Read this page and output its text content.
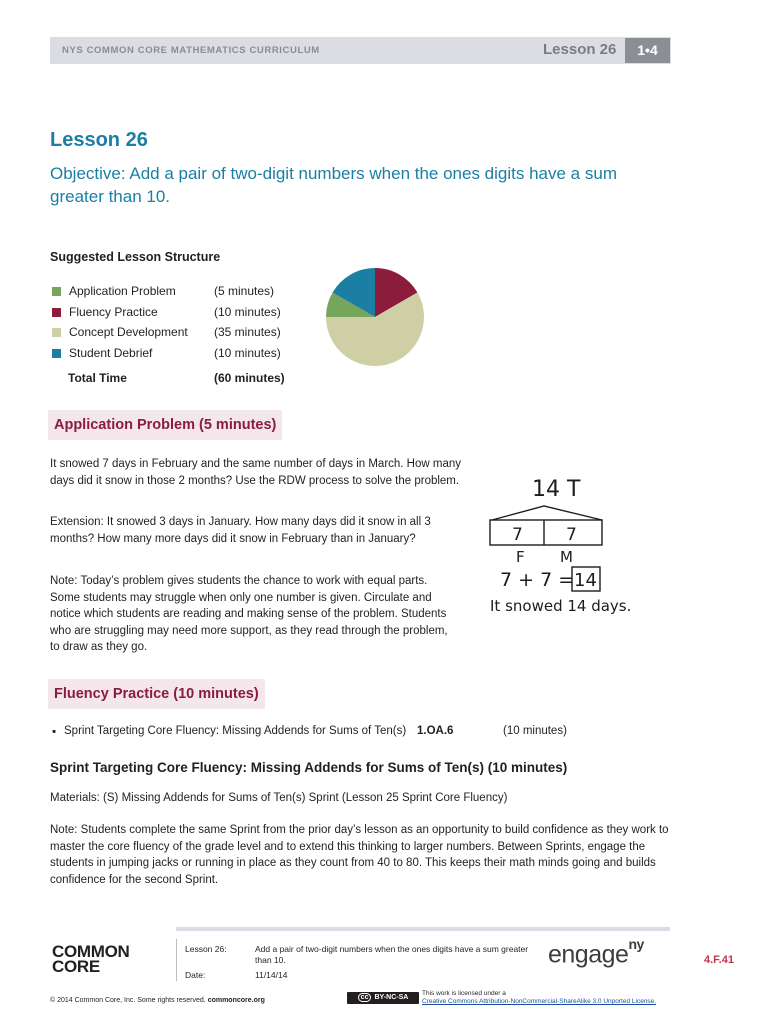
NYS COMMON CORE MATHEMATICS CURRICULUM	Lesson 26	1•4
Lesson 26
Objective: Add a pair of two-digit numbers when the ones digits have a sum greater than 10.
Suggested Lesson Structure
Application Problem	(5 minutes)
Fluency Practice	(10 minutes)
Concept Development (35 minutes)
Student Debrief	(10 minutes)
Total Time	(60 minutes)
Application Problem (5 minutes)
It snowed 7 days in February and the same number of days in March. How many days did it snow in those 2 months? Use the RDW process to solve the problem.
Extension: It snowed 3 days in January. How many days did it snow in all 3 months? How many more days did it snow in February than in January?
Note: Today’s problem gives students the chance to work with equal parts. Some students may struggle when only one number is given. Circulate and notice which students are reading and making sense of the problem. Students who are struggling may need more support, as they read through the problem, to draw as they go.
14 T
7	7
F M
7 + 7 = 14
It snowed 14 days.
Fluency Practice (10 minutes)
▪ Sprint Targeting Core Fluency: Missing Addends for Sums of Ten(s) 1.OA.6	(10 minutes)
Sprint Targeting Core Fluency: Missing Addends for Sums of Ten(s) (10 minutes)
Materials: (S) Missing Addends for Sums of Ten(s) Sprint (Lesson 25 Sprint Core Fluency)
Note: Students complete the same Sprint from the prior day’s lesson as an opportunity to build confidence as they work to master the core fluency of the grade level and to extend this thinking to larger numbers. Between Sprints, engage the students in jumping jacks or running in place as they count from 40 to 80. This keeps their math minds going and builds confidence for the second Sprint.
COMMON
CORE
Lesson 26:	Add a pair of two-digit numbers when the ones digits have a sum greater than 10.
Date:	11/14/14
engage$^{ny}$
4.F.41
© 2014 Common Core, Inc. Some rights reserved. commoncore.org	cc BY-NC-SA
This work is licensed under a
Creative Commons Attribution-NonCommercial-ShareAlike 3.0 Unported License.
